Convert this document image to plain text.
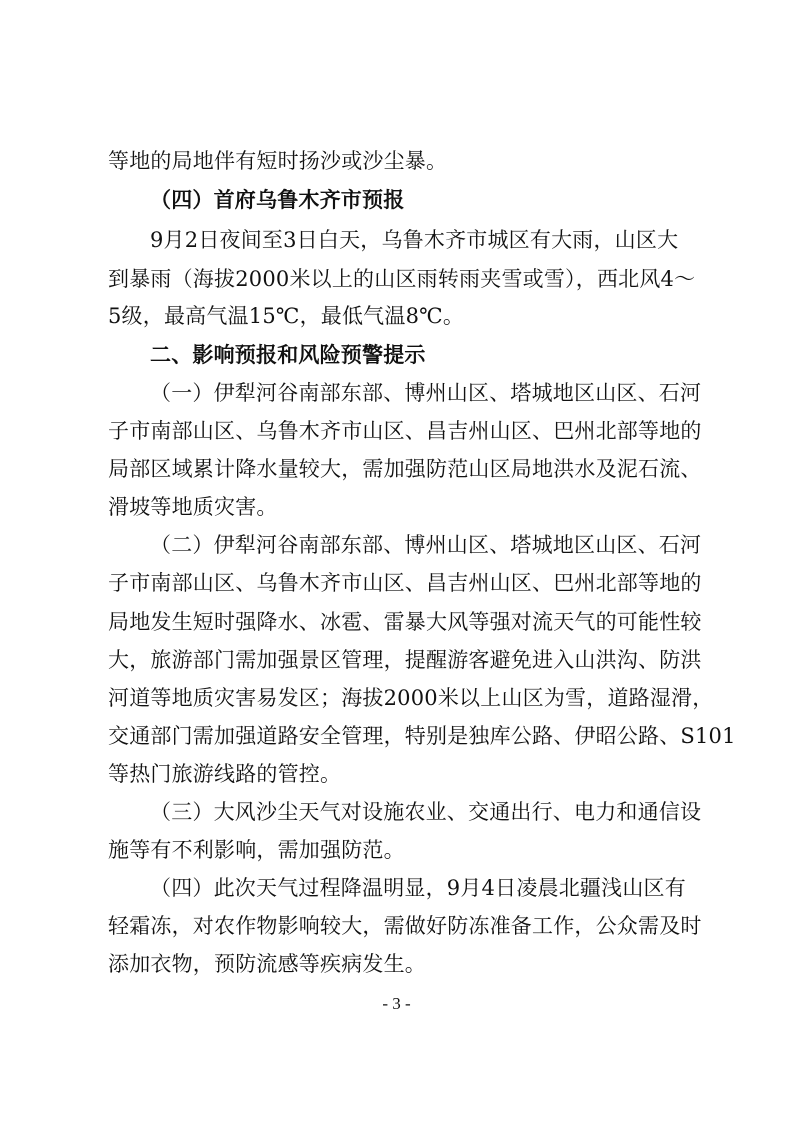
等地的局地伴有短时扬沙或沙尘暴。
（四）首府乌鲁木齐市预报
9月2日夜间至3日白天，乌鲁木齐市城区有大雨，山区大
到暴雨（海拔2000米以上的山区雨转雨夹雪或雪），西北风4～
5级，最高气温15℃，最低气温8℃。
二、影响预报和风险预警提示
（一）伊犁河谷南部东部、博州山区、塔城地区山区、石河
子市南部山区、乌鲁木齐市山区、昌吉州山区、巴州北部等地的
局部区域累计降水量较大，需加强防范山区局地洪水及泥石流、
滑坡等地质灾害。
（二）伊犁河谷南部东部、博州山区、塔城地区山区、石河
子市南部山区、乌鲁木齐市山区、昌吉州山区、巴州北部等地的
局地发生短时强降水、冰雹、雷暴大风等强对流天气的可能性较
大，旅游部门需加强景区管理，提醒游客避免进入山洪沟、防洪
河道等地质灾害易发区；海拔2000米以上山区为雪，道路湿滑，
交通部门需加强道路安全管理，特别是独库公路、伊昭公路、S101
等热门旅游线路的管控。
（三）大风沙尘天气对设施农业、交通出行、电力和通信设
施等有不利影响，需加强防范。
（四）此次天气过程降温明显，9月4日凌晨北疆浅山区有
轻霜冻，对农作物影响较大，需做好防冻准备工作，公众需及时
添加衣物，预防流感等疾病发生。
- 3 -
